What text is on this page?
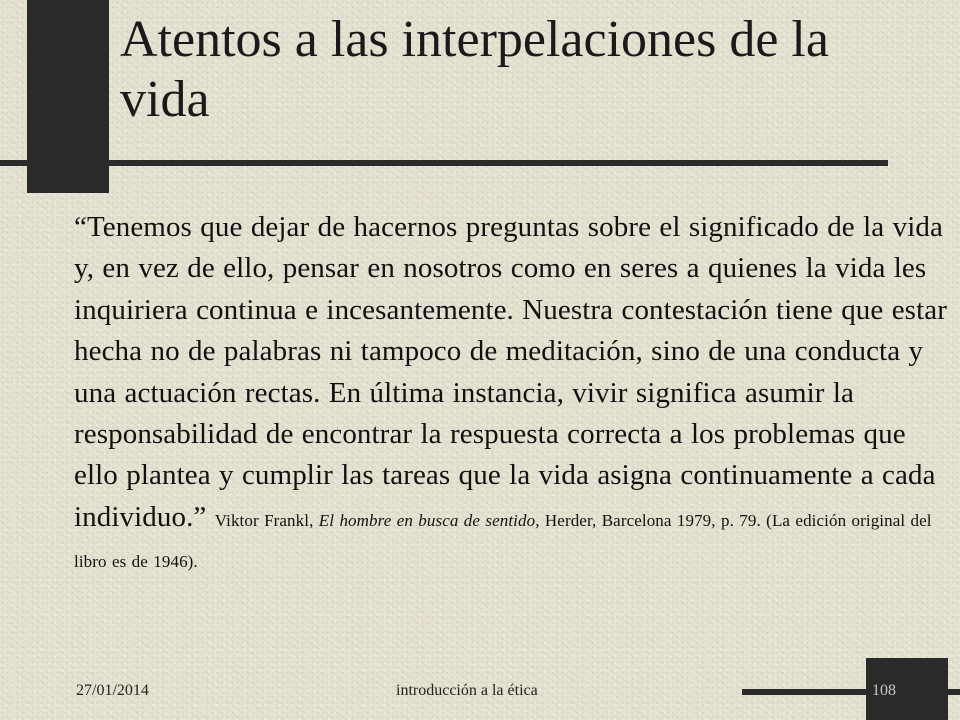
Atentos a las interpelaciones de la vida

“Tenemos que dejar de hacernos preguntas sobre el significado de la vida y, en vez de ello, pensar en nosotros como en seres a quienes la vida les inquiriera continua e incesantemente. Nuestra contestación tiene que estar hecha no de palabras ni tampoco de meditación, sino de una conducta y una actuación rectas. En última instancia, vivir significa asumir la responsabilidad de encontrar la respuesta correcta a los problemas que ello plantea y cumplir las tareas que la vida asigna continuamente a cada individuo.” Viktor Frankl, El hombre en busca de sentido, Herder, Barcelona 1979, p. 79. (La edición original del libro es de 1946).

27/01/2014	introducción a la ética	108
